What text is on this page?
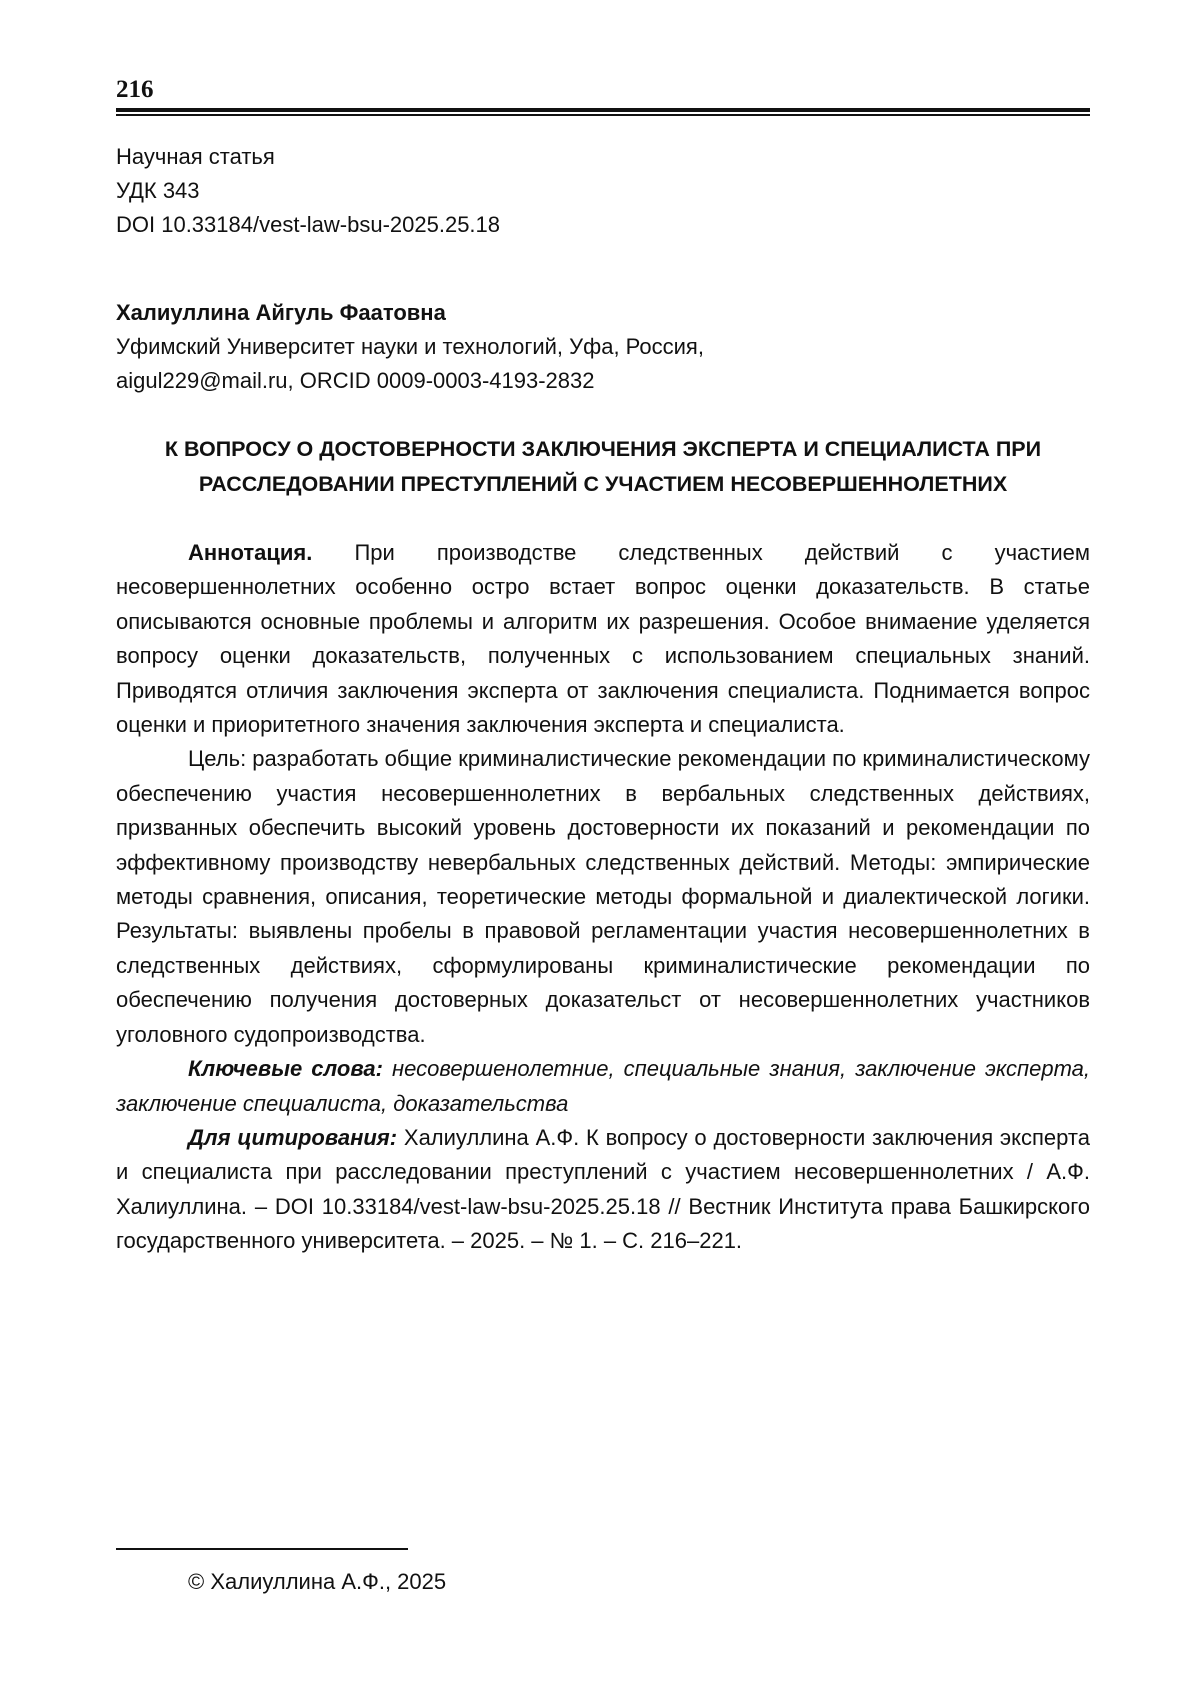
216
Научная статья
УДК 343
DOI 10.33184/vest-law-bsu-2025.25.18
Халиуллина Айгуль Фаатовна
Уфимский Университет науки и технологий, Уфа, Россия,
aigul229@mail.ru, ORCID 0009-0003-4193-2832
К ВОПРОСУ О ДОСТОВЕРНОСТИ ЗАКЛЮЧЕНИЯ ЭКСПЕРТА И СПЕЦИАЛИСТА ПРИ
РАССЛЕДОВАНИИ ПРЕСТУПЛЕНИЙ С УЧАСТИЕМ НЕСОВЕРШЕННОЛЕТНИХ

Аннотация. При производстве следственных действий с участием несовершеннолетних особенно остро встает вопрос оценки доказательств. В статье описываются основные проблемы и алгоритм их разрешения. Особое внимаение уделяется вопросу оценки доказательств, полученных с использованием специальных знаний. Приводятся отличия заключения эксперта от заключения специалиста. Поднимается вопрос оценки и приоритетного значения заключения эксперта и специалиста.

Цель: разработать общие криминалистические рекомендации по криминалистическому обеспечению участия несовершеннолетних в вербальных следственных действиях, призванных обеспечить высокий уровень достоверности их показаний и рекомендации по эффективному производству невербальных следственных действий. Методы: эмпирические методы сравнения, описания, теоретические методы формальной и диалектической логики. Результаты: выявлены пробелы в правовой регламентации участия несовершеннолетних в следственных действиях, сформулированы криминалистические рекомендации по обеспечению получения достоверных доказательст от несовершеннолетних участников уголовного судопроизводства.

Ключевые слова: несовершенолетние, специальные знания, заключение эксперта, заключение специалиста, доказательства

Для цитирования: Халиуллина А.Ф. К вопросу о достоверности заключения эксперта и специалиста при расследовании преступлений с участием несовершеннолетних / А.Ф. Халиуллина. – DOI 10.33184/vest-law-bsu-2025.25.18 // Вестник Института права Башкирского государственного университета. – 2025. – № 1. – С. 216–221.

© Халиуллина А.Ф., 2025
